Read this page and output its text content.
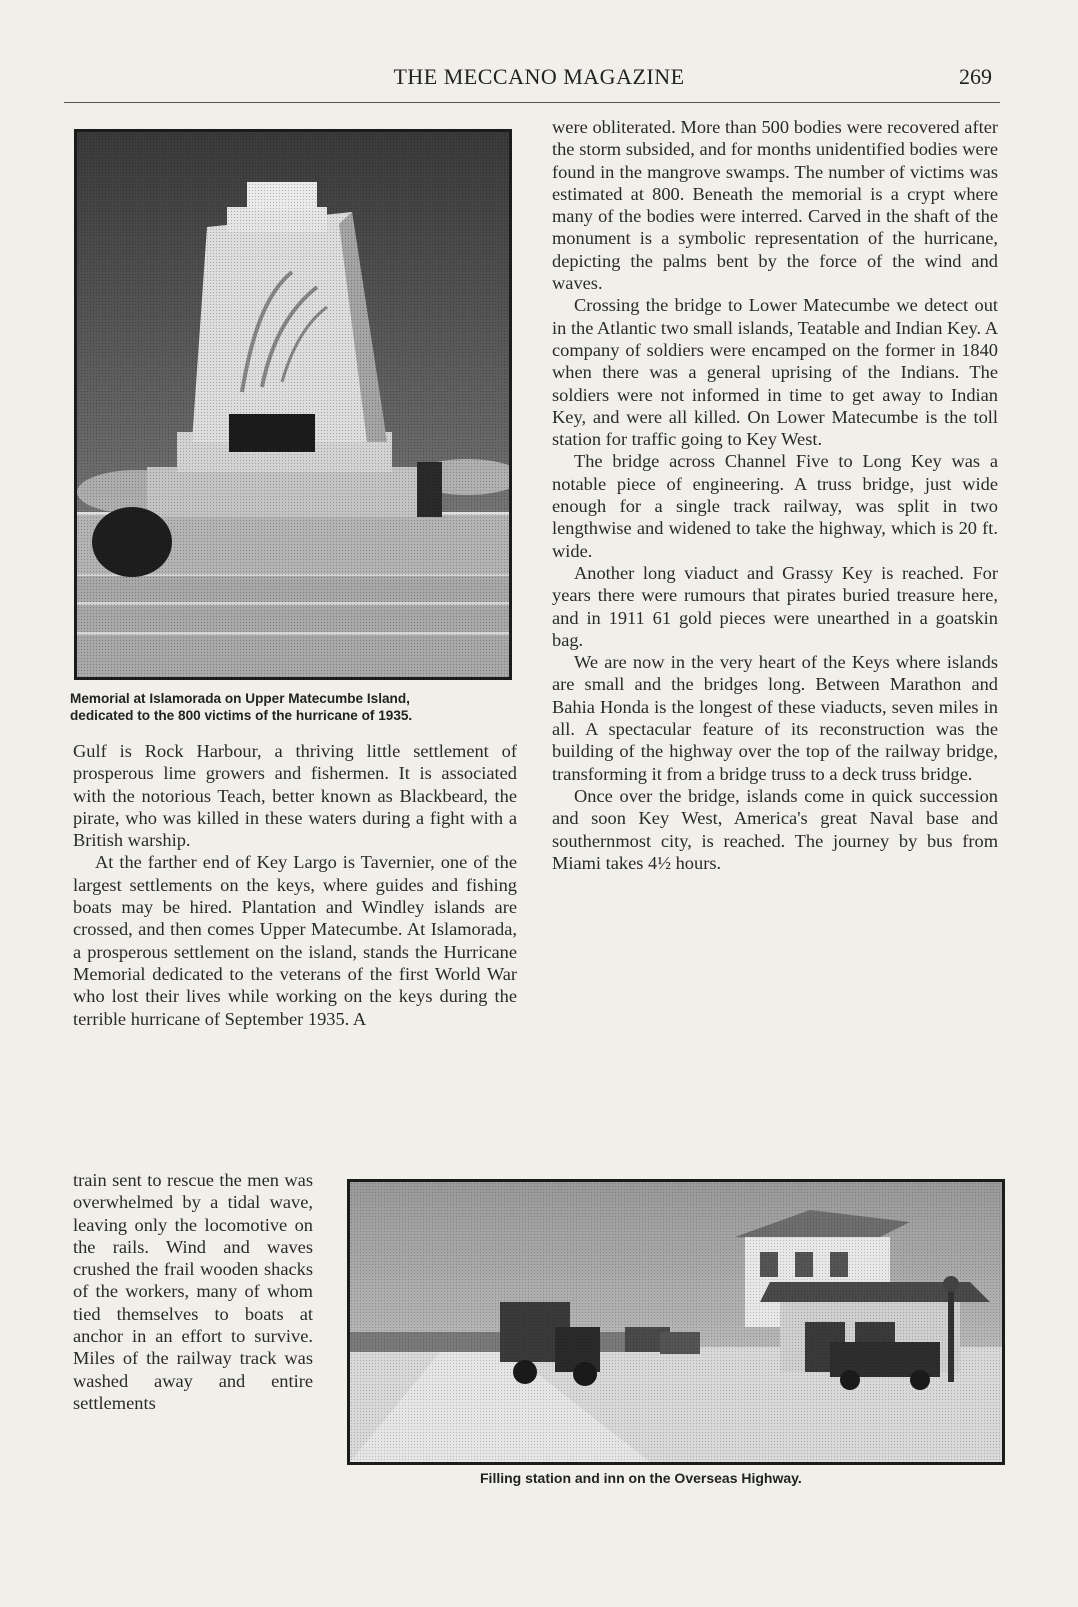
THE MECCANO MAGAZINE	269
Memorial at Islamorada on Upper Matecumbe Island,
dedicated to the 800 victims of the hurricane of 1935.

were obliterated. More than 500 bodies were recovered after the storm subsided, and for months unidentified bodies were found in the mangrove swamps. The number of victims was estimated at 800. Beneath the memorial is a crypt where many of the bodies were interred. Carved in the shaft of the monument is a symbolic representation of the hurricane, depicting the palms bent by the force of the wind and waves.

Crossing the bridge to Lower Matecumbe we detect out in the Atlantic two small islands, Teatable and Indian Key. A company of soldiers were encamped on the former in 1840 when there was a general uprising of the Indians. The soldiers were not informed in time to get away to Indian Key, and were all killed. On Lower Matecumbe is the toll station for traffic going to Key West.

The bridge across Channel Five to Long Key was a notable piece of engineering. A truss bridge, just wide enough for a single track railway, was split in two lengthwise and widened to take the highway, which is 20 ft. wide.

Another long viaduct and Grassy Key is reached. For years there were rumours that pirates buried treasure here, and in 1911 61 gold pieces were unearthed in a goatskin bag.

We are now in the very heart of the Keys where islands are small and the bridges long. Between Marathon and Bahia Honda is the longest of these viaducts, seven miles in all. A spectacular feature of its reconstruction was the building of the highway over the top of the railway bridge, transforming it from a bridge truss to a deck truss bridge.

Once over the bridge, islands come in quick succession and soon Key West, America's great Naval base and southernmost city, is reached. The journey by bus from Miami takes 4½ hours.

Gulf is Rock Harbour, a thriving little settlement of prosperous lime growers and fishermen. It is associated with the notorious Teach, better known as Blackbeard, the pirate, who was killed in these waters during a fight with a British warship.

At the farther end of Key Largo is Tavernier, one of the largest settlements on the keys, where guides and fishing boats may be hired. Plantation and Windley islands are crossed, and then comes Upper Matecumbe. At Islamorada, a prosperous settlement on the island, stands the Hurricane Memorial dedicated to the veterans of the first World War who lost their lives while working on the keys during the terrible hurricane of September 1935. A

train sent to rescue the men was overwhelmed by a tidal wave, leaving only the locomotive on the rails. Wind and waves crushed the frail wooden shacks of the workers, many of whom tied themselves to boats at anchor in an effort to survive. Miles of the railway track was washed away and entire settlements

Filling station and inn on the Overseas Highway.
